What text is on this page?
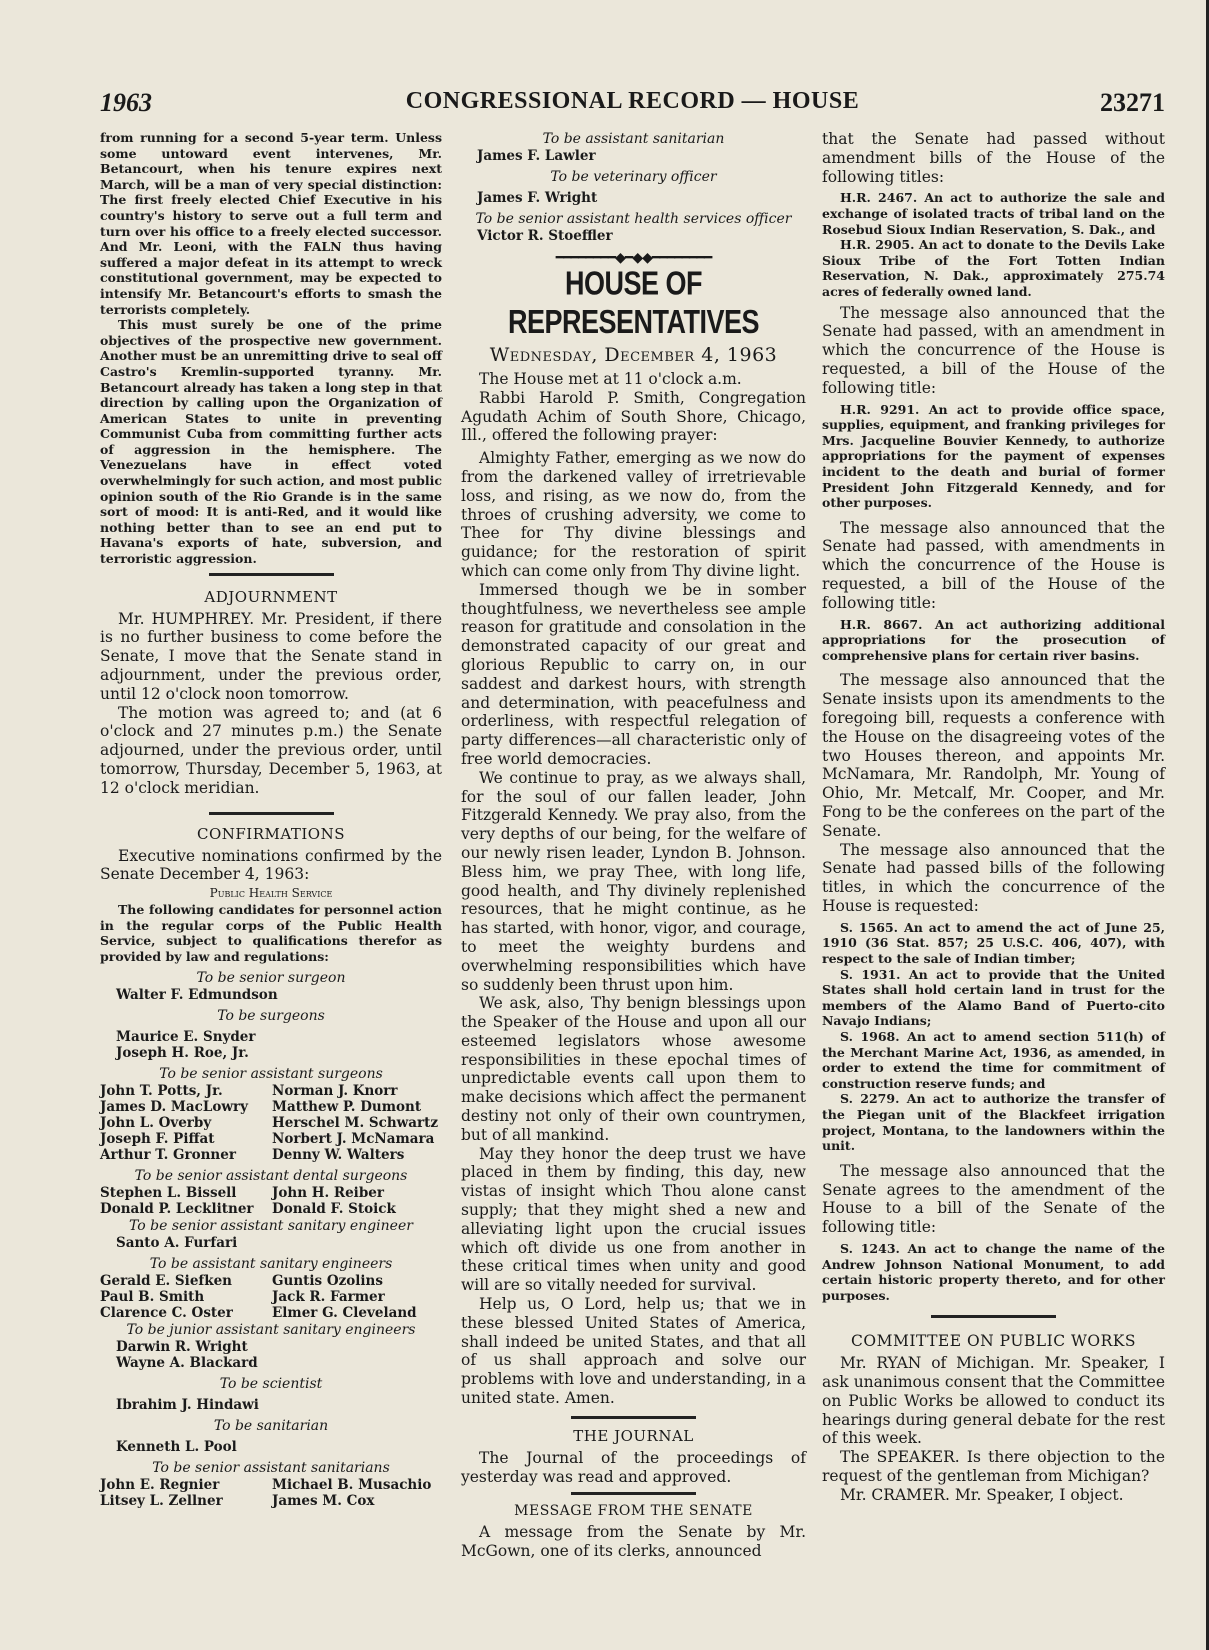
1963	CONGRESSIONAL RECORD — HOUSE	23271

from running for a second 5-year term. Unless some untoward event intervenes, Mr. Betancourt, when his tenure expires next March, will be a man of very special distinction: The first freely elected Chief Executive in his country's history to serve out a full term and turn over his office to a freely elected successor. And Mr. Leoni, with the FALN thus having suffered a major defeat in its attempt to wreck constitutional government, may be expected to intensify Mr. Betancourt's efforts to smash the terrorists completely.

This must surely be one of the prime objectives of the prospective new government. Another must be an unremitting drive to seal off Castro's Kremlin-supported tyranny. Mr. Betancourt already has taken a long step in that direction by calling upon the Organization of American States to unite in preventing Communist Cuba from committing further acts of aggression in the hemisphere. The Venezuelans have in effect voted overwhelmingly for such action, and most public opinion south of the Rio Grande is in the same sort of mood: It is anti-Red, and it would like nothing better than to see an end put to Havana's exports of hate, subversion, and terroristic aggression.

ADJOURNMENT

Mr. HUMPHREY. Mr. President, if there is no further business to come before the Senate, I move that the Senate stand in adjournment, under the previous order, until 12 o'clock noon tomorrow.

The motion was agreed to; and (at 6 o'clock and 27 minutes p.m.) the Senate adjourned, under the previous order, until tomorrow, Thursday, December 5, 1963, at 12 o'clock meridian.

CONFIRMATIONS

Executive nominations confirmed by the Senate December 4, 1963:

Public Health Service

The following candidates for personnel action in the regular corps of the Public Health Service, subject to qualifications therefor as provided by law and regulations:

To be senior surgeon

Walter F. Edmundson

To be surgeons

Maurice E. Snyder

Joseph H. Roe, Jr.

To be senior assistant surgeons

John T. Potts, Jr.	Norman J. Knorr
James D. MacLowry	Matthew P. Dumont
John L. Overby	Herschel M. Schwartz
Joseph F. Piffat	Norbert J. McNamara
Arthur T. Gronner	Denny W. Walters

To be senior assistant dental surgeons

Stephen L. Bissell	John H. Reiber
Donald P. Lecklitner	Donald F. Stoick

To be senior assistant sanitary engineer

Santo A. Furfari

To be assistant sanitary engineers

Gerald E. Siefken	Guntis Ozolins
Paul B. Smith	Jack R. Farmer
Clarence C. Oster	Elmer G. Cleveland

To be junior assistant sanitary engineers

Darwin R. Wright

Wayne A. Blackard

To be scientist

Ibrahim J. Hindawi

To be sanitarian

Kenneth L. Pool

To be senior assistant sanitarians

John E. Regnier	Michael B. Musachio
Litsey L. Zellner	James M. Cox

To be assistant sanitarian

James F. Lawler

To be veterinary officer

James F. Wright

To be senior assistant health services officer

Victor R. Stoeffler

━━━━━━━━◆━◆◆━━━━━━━━
HOUSE OF REPRESENTATIVES
Wednesday, December 4, 1963

The House met at 11 o'clock a.m.

Rabbi Harold P. Smith, Congregation Agudath Achim of South Shore, Chicago, Ill., offered the following prayer:

Almighty Father, emerging as we now do from the darkened valley of irretrievable loss, and rising, as we now do, from the throes of crushing adversity, we come to Thee for Thy divine blessings and guidance; for the restoration of spirit which can come only from Thy divine light.

Immersed though we be in somber thoughtfulness, we nevertheless see ample reason for gratitude and consolation in the demonstrated capacity of our great and glorious Republic to carry on, in our saddest and darkest hours, with strength and determination, with peacefulness and orderliness, with respectful relegation of party differences—all characteristic only of free world democracies.

We continue to pray, as we always shall, for the soul of our fallen leader, John Fitzgerald Kennedy. We pray also, from the very depths of our being, for the welfare of our newly risen leader, Lyndon B. Johnson. Bless him, we pray Thee, with long life, good health, and Thy divinely replenished resources, that he might continue, as he has started, with honor, vigor, and courage, to meet the weighty burdens and overwhelming responsibilities which have so suddenly been thrust upon him.

We ask, also, Thy benign blessings upon the Speaker of the House and upon all our esteemed legislators whose awesome responsibilities in these epochal times of unpredictable events call upon them to make decisions which affect the permanent destiny not only of their own countrymen, but of all mankind.

May they honor the deep trust we have placed in them by finding, this day, new vistas of insight which Thou alone canst supply; that they might shed a new and alleviating light upon the crucial issues which oft divide us one from another in these critical times when unity and good will are so vitally needed for survival.

Help us, O Lord, help us; that we in these blessed United States of America, shall indeed be united States, and that all of us shall approach and solve our problems with love and understanding, in a united state. Amen.

THE JOURNAL

The Journal of the proceedings of yesterday was read and approved.

MESSAGE FROM THE SENATE

A message from the Senate by Mr. McGown, one of its clerks, announced

that the Senate had passed without amendment bills of the House of the following titles:

H.R. 2467. An act to authorize the sale and exchange of isolated tracts of tribal land on the Rosebud Sioux Indian Reservation, S. Dak., and

H.R. 2905. An act to donate to the Devils Lake Sioux Tribe of the Fort Totten Indian Reservation, N. Dak., approximately 275.74 acres of federally owned land.

The message also announced that the Senate had passed, with an amendment in which the concurrence of the House is requested, a bill of the House of the following title:

H.R. 9291. An act to provide office space, supplies, equipment, and franking privileges for Mrs. Jacqueline Bouvier Kennedy, to authorize appropriations for the payment of expenses incident to the death and burial of former President John Fitzgerald Kennedy, and for other purposes.

The message also announced that the Senate had passed, with amendments in which the concurrence of the House is requested, a bill of the House of the following title:

H.R. 8667. An act authorizing additional appropriations for the prosecution of comprehensive plans for certain river basins.

The message also announced that the Senate insists upon its amendments to the foregoing bill, requests a conference with the House on the disagreeing votes of the two Houses thereon, and appoints Mr. McNamara, Mr. Randolph, Mr. Young of Ohio, Mr. Metcalf, Mr. Cooper, and Mr. Fong to be the conferees on the part of the Senate.

The message also announced that the Senate had passed bills of the following titles, in which the concurrence of the House is requested:

S. 1565. An act to amend the act of June 25, 1910 (36 Stat. 857; 25 U.S.C. 406, 407), with respect to the sale of Indian timber;

S. 1931. An act to provide that the United States shall hold certain land in trust for the members of the Alamo Band of Puerto-cito Navajo Indians;

S. 1968. An act to amend section 511(h) of the Merchant Marine Act, 1936, as amended, in order to extend the time for commitment of construction reserve funds; and

S. 2279. An act to authorize the transfer of the Piegan unit of the Blackfeet irrigation project, Montana, to the landowners within the unit.

The message also announced that the Senate agrees to the amendment of the House to a bill of the Senate of the following title:

S. 1243. An act to change the name of the Andrew Johnson National Monument, to add certain historic property thereto, and for other purposes.

COMMITTEE ON PUBLIC WORKS

Mr. RYAN of Michigan. Mr. Speaker, I ask unanimous consent that the Committee on Public Works be allowed to conduct its hearings during general debate for the rest of this week.

The SPEAKER. Is there objection to the request of the gentleman from Michigan?

Mr. CRAMER. Mr. Speaker, I object.
